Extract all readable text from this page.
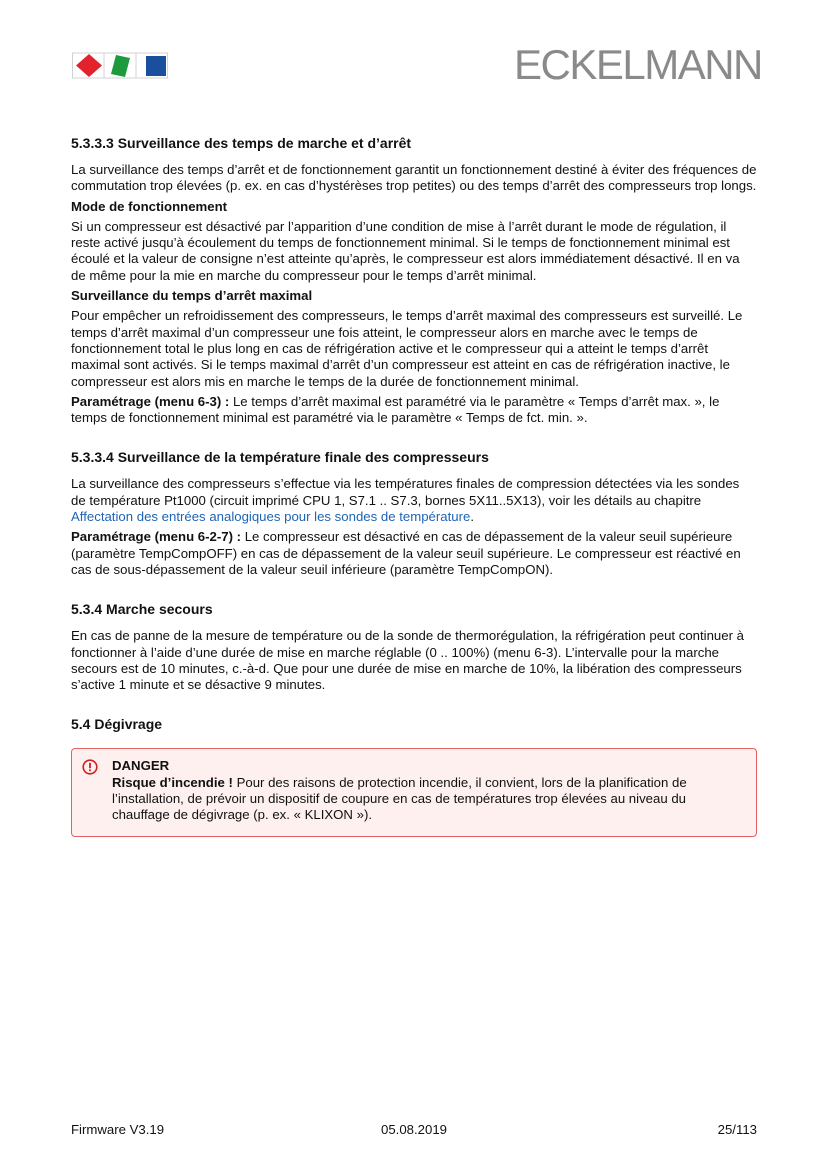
ECKELMANN
5.3.3.3 Surveillance des temps de marche et d’arrêt

La surveillance des temps d’arrêt et de fonctionnement garantit un fonctionnement destiné à éviter des fréquences de commutation trop élevées (p. ex. en cas d’hystérèses trop petites) ou des temps d’arrêt des compresseurs trop longs.

Mode de fonctionnement

Si un compresseur est désactivé par l’apparition d’une condition de mise à l’arrêt durant le mode de régulation, il reste activé jusqu’à écoulement du temps de fonctionnement minimal. Si le temps de fonctionnement minimal est écoulé et la valeur de consigne n’est atteinte qu’après, le compresseur est alors immédiatement désactivé. Il en va de même pour la mie en marche du compresseur pour le temps d’arrêt minimal.

Surveillance du temps d’arrêt maximal

Pour empêcher un refroidissement des compresseurs, le temps d’arrêt maximal des compresseurs est surveillé. Le temps d’arrêt maximal d’un compresseur une fois atteint, le compresseur alors en marche avec le temps de fonctionnement total le plus long en cas de réfrigération active et le compresseur qui a atteint le temps d’arrêt maximal sont activés. Si le temps maximal d’arrêt d’un compresseur est atteint en cas de réfrigération inactive, le compresseur est alors mis en marche le temps de la durée de fonctionnement minimal.

Paramétrage (menu 6-3) : Le temps d’arrêt maximal est paramétré via le paramètre « Temps d’arrêt max. », le temps de fonctionnement minimal est paramétré via le paramètre « Temps de fct. min. ».

5.3.3.4 Surveillance de la température finale des compresseurs

La surveillance des compresseurs s’effectue via les températures finales de compression détectées via les sondes de température Pt1000 (circuit imprimé CPU 1, S7.1 .. S7.3, bornes 5X11..5X13), voir les détails au chapitre Affectation des entrées analogiques pour les sondes de température.

Paramétrage (menu 6-2-7) : Le compresseur est désactivé en cas de dépassement de la valeur seuil supérieure (paramètre TempCompOFF) en cas de dépassement de la valeur seuil supérieure. Le compresseur est réactivé en cas de sous-dépassement de la valeur seuil inférieure (paramètre TempCompON).

5.3.4 Marche secours

En cas de panne de la mesure de température ou de la sonde de thermorégulation, la réfrigération peut continuer à fonctionner à l’aide d’une durée de mise en marche réglable (0 .. 100%) (menu 6-3). L’intervalle pour la marche secours est de 10 minutes, c.-à-d. Que pour une durée de mise en marche de 10%, la libération des compresseurs s’active 1 minute et se désactive 9 minutes.

5.4 Dégivrage
DANGER
Risque d’incendie ! Pour des raisons de protection incendie, il convient, lors de la planification de l’installation, de prévoir un dispositif de coupure en cas de températures trop élevées au niveau du chauffage de dégivrage (p. ex. « KLIXON »).
Firmware V3.19	05.08.2019	25/113
